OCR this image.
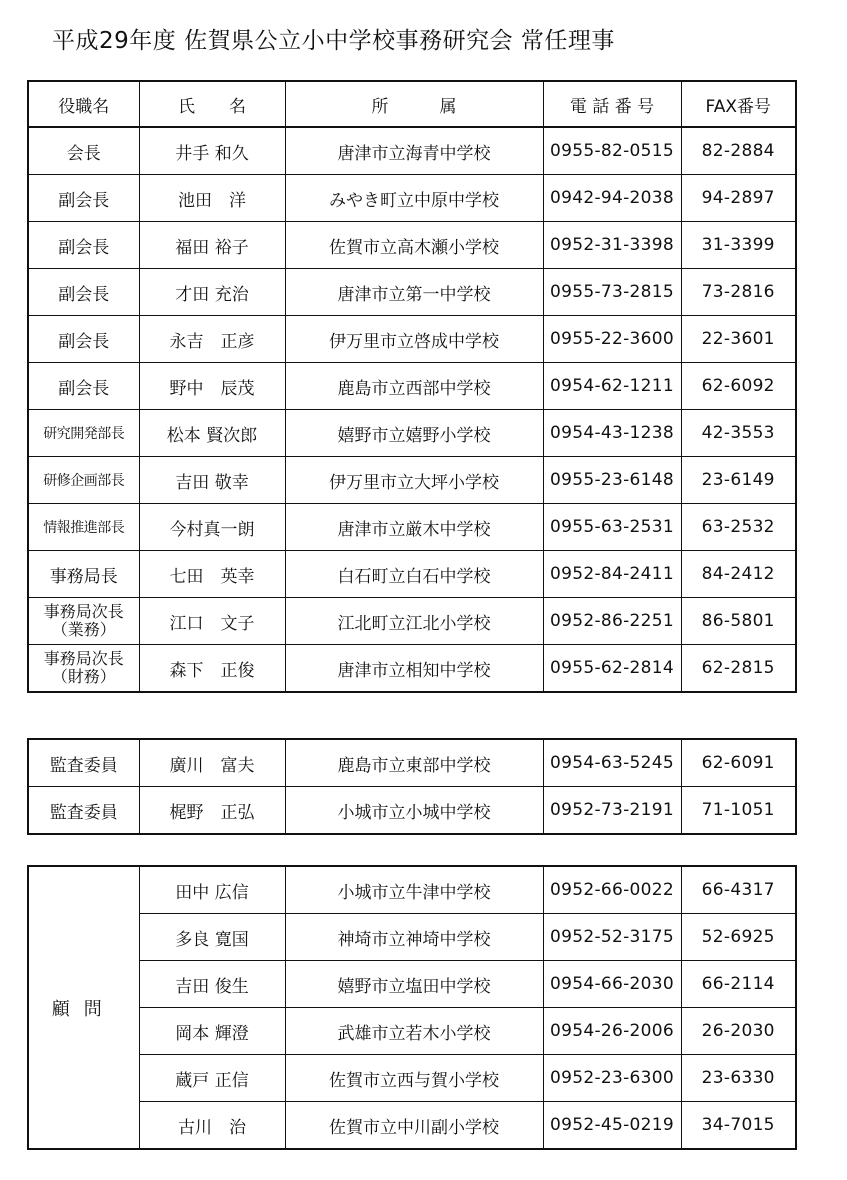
平成29年度 佐賀県公立小中学校事務研究会 常任理事
役職名	氏　　名	所　　　属	電 話 番 号	FAX番号
会長	井手 和久	唐津市立海青中学校	0955-82-0515	82-2884
副会長	池田　洋	みやき町立中原中学校	0942-94-2038	94-2897
副会長	福田 裕子	佐賀市立高木瀬小学校	0952-31-3398	31-3399
副会長	才田 充治	唐津市立第一中学校	0955-73-2815	73-2816
副会長	永吉　正彦	伊万里市立啓成中学校	0955-22-3600	22-3601
副会長	野中　辰茂	鹿島市立西部中学校	0954-62-1211	62-6092
研究開発部長	松本 賢次郎	嬉野市立嬉野小学校	0954-43-1238	42-3553
研修企画部長	吉田 敬幸	伊万里市立大坪小学校	0955-23-6148	23-6149
情報推進部長	今村真一朗	唐津市立厳木中学校	0955-63-2531	63-2532
事務局長	七田　英幸	白石町立白石中学校	0952-84-2411	84-2412

事務局次長
（業務）	江口　文子	江北町立江北小学校	0952-86-2251	86-5801

事務局次長
（財務）	森下　正俊	唐津市立相知中学校	0955-62-2814	62-2815
監査委員	廣川　富夫	鹿島市立東部中学校	0954-63-5245	62-6091
監査委員	梶野　正弘	小城市立小城中学校	0952-73-2191	71-1051
顧問	田中 広信	小城市立牛津中学校	0952-66-0022	66-4317
	多良 寛国	神埼市立神埼中学校	0952-52-3175	52-6925
	吉田 俊生	嬉野市立塩田中学校	0954-66-2030	66-2114
	岡本 輝澄	武雄市立若木小学校	0954-26-2006	26-2030
	蔵戸 正信	佐賀市立西与賀小学校	0952-23-6300	23-6330
	古川　治	佐賀市立中川副小学校	0952-45-0219	34-7015
